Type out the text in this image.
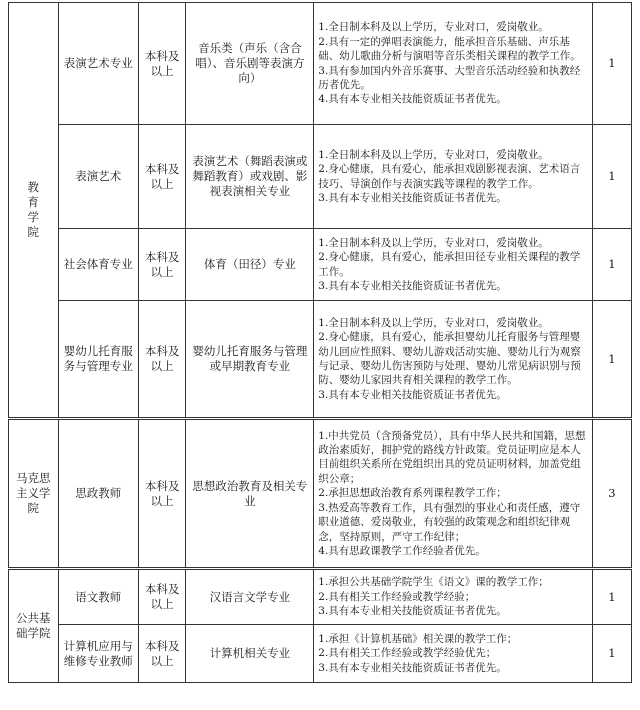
教育学院	表演艺术专业	本科及以上	音乐类（声乐（含合唱）、音乐剧等表演方向）	1.全日制本科及以上学历，专业对口，爱岗敬业。
2.具有一定的弹唱表演能力，能承担音乐基础、声乐基础、幼儿歌曲分析与演唱等音乐类相关课程的教学工作。
3.具有参加国内外音乐赛事、大型音乐活动经验和执教经历者优先。
4.具有本专业相关技能资质证书者优先。	1
	表演艺术	本科及以上	表演艺术（舞蹈表演或舞蹈教育）或戏剧、影视表演相关专业	1.全日制本科及以上学历，专业对口，爱岗敬业。
2.身心健康，具有爱心，能承担戏剧影视表演、艺术语言技巧、导演创作与表演实践等课程的教学工作。
3.具有本专业相关技能资质证书者优先。	1
	社会体育专业	本科及以上	体育（田径）专业	1.全日制本科及以上学历，专业对口，爱岗敬业。
2.身心健康，具有爱心，能承担田径专业相关课程的教学工作。
3.具有本专业相关技能资质证书者优先。	1
	婴幼儿托育服务与管理专业	本科及以上	婴幼儿托育服务与管理或早期教育专业	1.全日制本科及以上学历，专业对口，爱岗敬业。
2.身心健康，具有爱心，能承担婴幼儿托育服务与管理婴幼儿回应性照料、婴幼儿游戏活动实施、婴幼儿行为观察与记录、婴幼儿伤害预防与处理、婴幼儿常见病识别与预防、婴幼儿家园共育相关课程的教学工作。
3.具有本专业相关技能资质证书者优先。	1
马克思主义学院	思政教师	本科及以上	思想政治教育及相关专业	1.中共党员（含预备党员），具有中华人民共和国籍，思想政治素质好，拥护党的路线方针政策。党员证明应是本人目前组织关系所在党组织出具的党员证明材料，加盖党组织公章；
2.承担思想政治教育系列课程教学工作；
3.热爱高等教育工作，具有强烈的事业心和责任感，遵守职业道德、爱岗敬业，有较强的政策观念和组织纪律观念，坚持原则，严守工作纪律；
4.具有思政课教学工作经验者优先。	3
公共基础学院	语文教师	本科及以上	汉语言文学专业	1.承担公共基础学院学生《语文》课的教学工作；
2.具有相关工作经验或教学经验；
3.具有本专业相关技能资质证书者优先。	1
	计算机应用与维修专业教师	本科及以上	计算机相关专业	1.承担《计算机基础》相关课的教学工作；
2.具有相关工作经验或教学经验优先；
3.具有本专业相关技能资质证书者优先。	1
